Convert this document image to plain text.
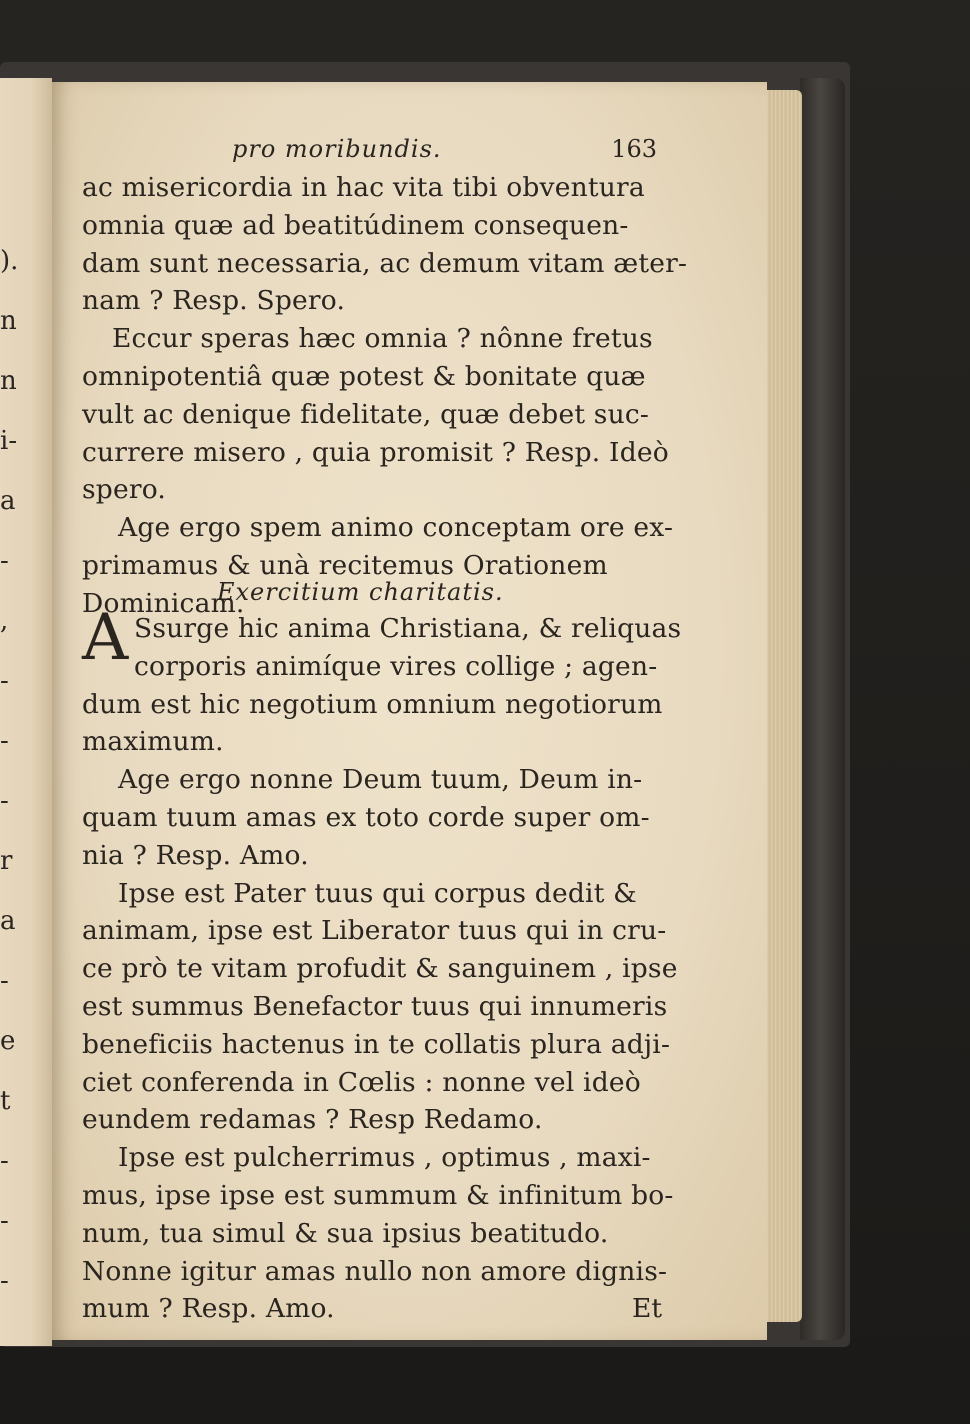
).
n
n
i-
a
-
,
-
-
-
r
a
-
e
t
-
-
-
pro moribundis.	163
ac misericordia in hac vita tibi obventura
omnia quæ ad beatitúdinem consequen-
dam sunt necessaria, ac demum vitam æter-
nam ? Resp. Spero.
Eccur speras hæc omnia ? nônne fretus
omnipotentiâ quæ potest & bonitate quæ
vult ac denique fidelitate, quæ debet suc-
currere misero , quia promisit ? Resp. Ideò
spero.
Age ergo spem animo conceptam ore ex-
primamus & unà recitemus Orationem
Dominicam.
Exercitium charitatis.
A Ssurge hic anima Christiana, & reliquas
corporis animíque vires collige ; agen-
dum est hic negotium omnium negotiorum
maximum.
Age ergo nonne Deum tuum, Deum in-
quam tuum amas ex toto corde super om-
nia ? Resp. Amo.
Ipse est Pater tuus qui corpus dedit &
animam, ipse est Liberator tuus qui in cru-
ce prò te vitam profudit & sanguinem , ipse
est summus Benefactor tuus qui innumeris
beneficiis hactenus in te collatis plura adji-
ciet conferenda in Cœlis : nonne vel ideò
eundem redamas ? Resp Redamo.
Ipse est pulcherrimus , optimus , maxi-
mus, ipse ipse est summum & infinitum bo-
num, tua simul & sua ipsius beatitudo.
Nonne igitur amas nullo non amore dignis-
mum ? Resp. Amo.	Et
